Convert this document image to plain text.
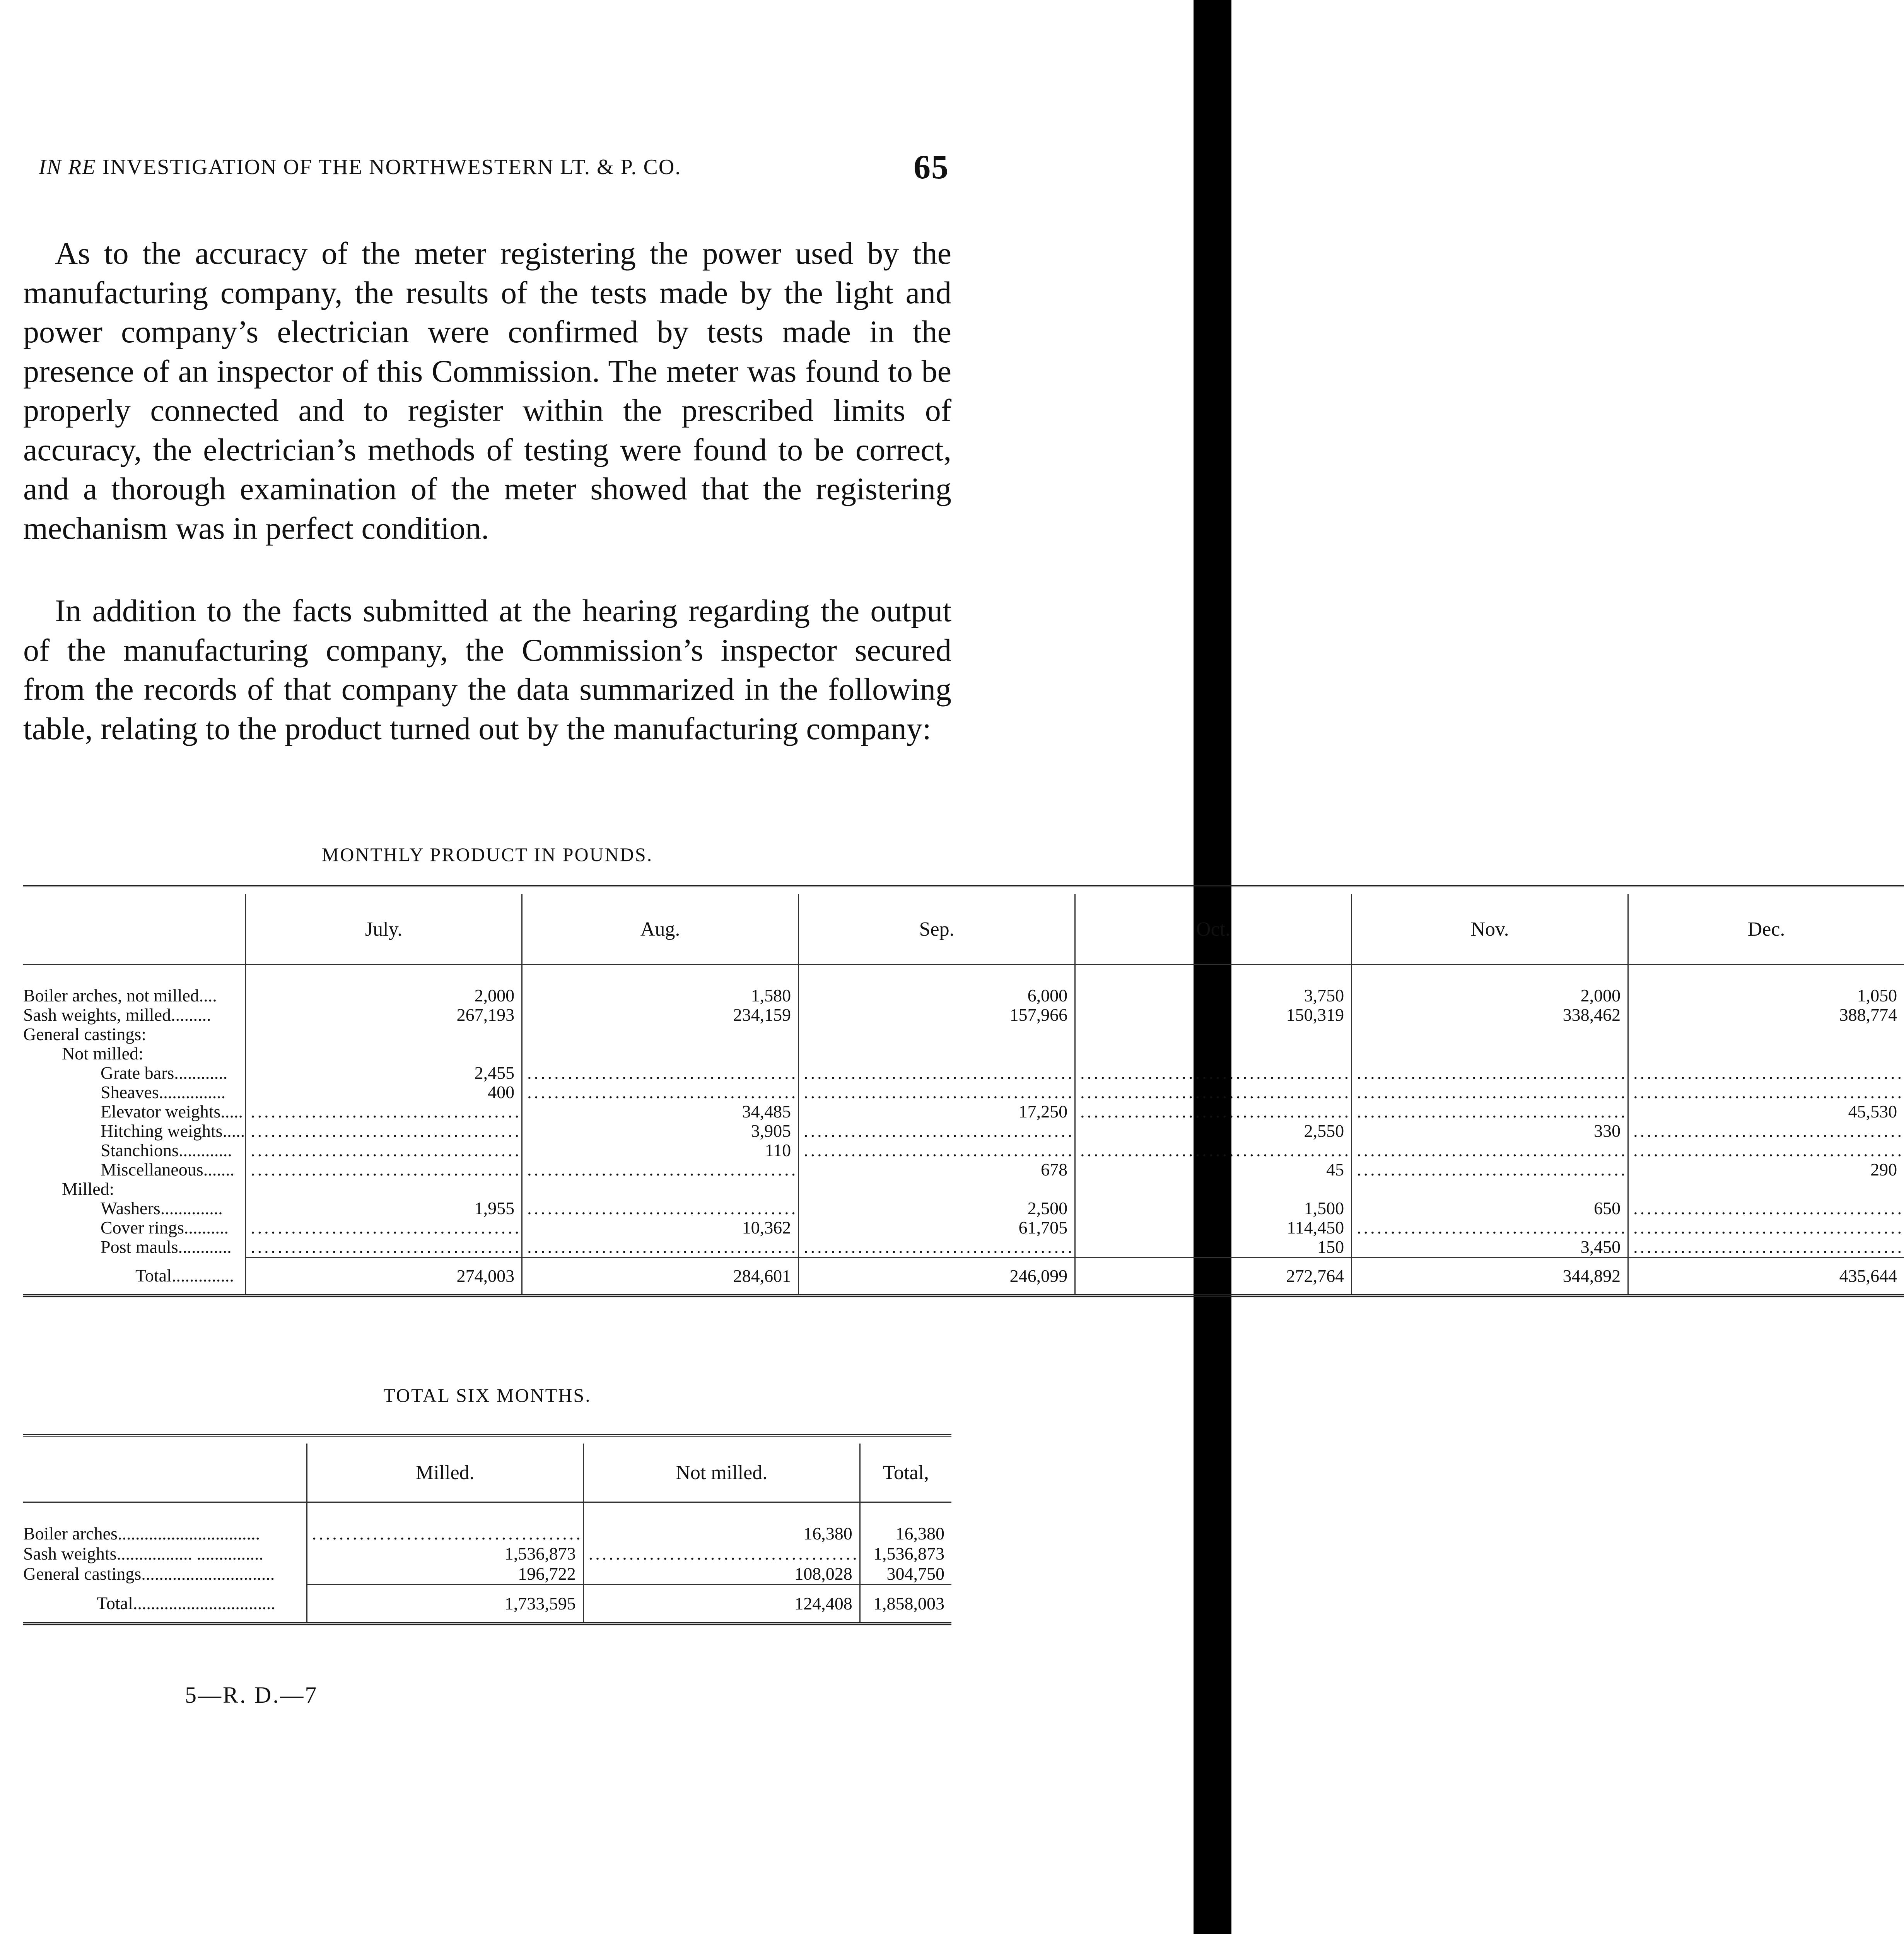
IN RE INVESTIGATION OF THE NORTHWESTERN LT. & P. CO.	65

As to the accuracy of the meter registering the power used by the manufacturing company, the results of the tests made by the light and power company’s electrician were confirmed by tests made in the presence of an inspector of this Commission. The meter was found to be properly connected and to register within the prescribed limits of accuracy, the electrician’s methods of testing were found to be correct, and a thorough examination of the meter showed that the registering mechanism was in perfect condition.

In addition to the facts submitted at the hearing regarding the output of the manufacturing company, the Commission’s inspector secured from the records of that company the data summarized in the following table, relating to the product turned out by the manufacturing company:

MONTHLY PRODUCT IN POUNDS.

	July.	Aug.	Sep.	Oct.	Nov.	Dec.
Boiler arches, not milled....	2,000	1,580	6,000	3,750	2,000	1,050
Sash weights, milled.........	267,193	234,159	157,966	150,319	338,462	388,774
General castings:						
Not milled:						
Grate bars............	2,455	........................................	........................................	........................................	........................................	........................................
Sheaves...............	400	........................................	........................................	........................................	........................................	........................................
Elevator weights.....	........................................	34,485	17,250	........................................	........................................	45,530
Hitching weights.....	........................................	3,905	........................................	2,550	330	........................................
Stanchions............	........................................	110	........................................	........................................	........................................	........................................
Miscellaneous.......	........................................	........................................	678	45	........................................	290
Milled:						
Washers..............	1,955	........................................	2,500	1,500	650	........................................
Cover rings..........	........................................	10,362	61,705	114,450	........................................	........................................
Post mauls............	........................................	........................................	........................................	150	3,450	........................................
Total..............	274,003	284,601	246,099	272,764	344,892	435,644

TOTAL SIX MONTHS.

	Milled.	Not milled.	Total,
Boiler arches................................	........................................	16,380	16,380
Sash weights................. ...............	1,536,873	........................................	1,536,873
General castings..............................	196,722	108,028	304,750
Total................................	1,733,595	124,408	1,858,003

5—R. D.—7
